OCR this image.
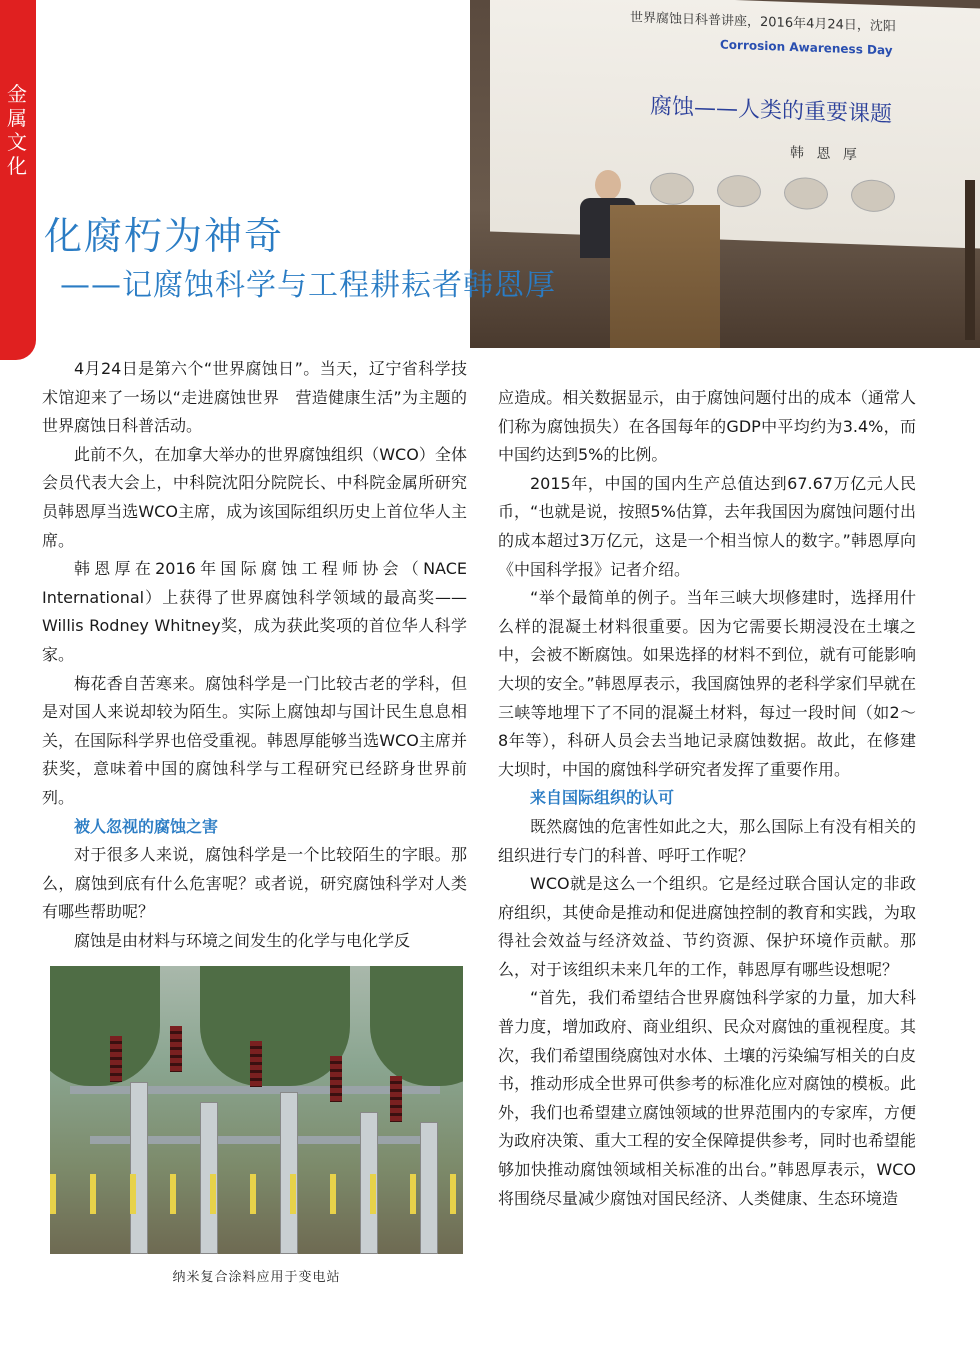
金属文化
世界腐蚀日科普讲座，2016年4月24日，沈阳
Corrosion Awareness Day
腐蚀——人类的重要课题
韩 恩 厚

化腐朽为神奇
——记腐蚀科学与工程耕耘者韩恩厚

4月24日是第六个“世界腐蚀日”。当天，辽宁省科学技术馆迎来了一场以“走进腐蚀世界　营造健康生活”为主题的世界腐蚀日科普活动。

此前不久，在加拿大举办的世界腐蚀组织（WCO）全体会员代表大会上，中科院沈阳分院院长、中科院金属所研究员韩恩厚当选WCO主席，成为该国际组织历史上首位华人主席。

韩恩厚在2016年国际腐蚀工程师协会（NACE International）上获得了世界腐蚀科学领域的最高奖——Willis Rodney Whitney奖，成为获此奖项的首位华人科学家。

梅花香自苦寒来。腐蚀科学是一门比较古老的学科，但是对国人来说却较为陌生。实际上腐蚀却与国计民生息息相关，在国际科学界也倍受重视。韩恩厚能够当选WCO主席并获奖，意味着中国的腐蚀科学与工程研究已经跻身世界前列。

被人忽视的腐蚀之害

对于很多人来说，腐蚀科学是一个比较陌生的字眼。那么，腐蚀到底有什么危害呢？或者说，研究腐蚀科学对人类有哪些帮助呢？

腐蚀是由材料与环境之间发生的化学与电化学反

应造成。相关数据显示，由于腐蚀问题付出的成本（通常人们称为腐蚀损失）在各国每年的GDP中平均约为3.4%，而中国约达到5%的比例。

2015年，中国的国内生产总值达到67.67万亿元人民币，“也就是说，按照5%估算，去年我国因为腐蚀问题付出的成本超过3万亿元，这是一个相当惊人的数字。”韩恩厚向《中国科学报》记者介绍。

“举个最简单的例子。当年三峡大坝修建时，选择用什么样的混凝土材料很重要。因为它需要长期浸没在土壤之中，会被不断腐蚀。如果选择的材料不到位，就有可能影响大坝的安全。”韩恩厚表示，我国腐蚀界的老科学家们早就在三峡等地埋下了不同的混凝土材料，每过一段时间（如2～8年等），科研人员会去当地记录腐蚀数据。故此，在修建大坝时，中国的腐蚀科学研究者发挥了重要作用。

来自国际组织的认可

既然腐蚀的危害性如此之大，那么国际上有没有相关的组织进行专门的科普、呼吁工作呢？

WCO就是这么一个组织。它是经过联合国认定的非政府组织，其使命是推动和促进腐蚀控制的教育和实践，为取得社会效益与经济效益、节约资源、保护环境作贡献。那么，对于该组织未来几年的工作，韩恩厚有哪些设想呢？

“首先，我们希望结合世界腐蚀科学家的力量，加大科普力度，增加政府、商业组织、民众对腐蚀的重视程度。其次，我们希望围绕腐蚀对水体、土壤的污染编写相关的白皮书，推动形成全世界可供参考的标准化应对腐蚀的模板。此外，我们也希望建立腐蚀领域的世界范围内的专家库，方便为政府决策、重大工程的安全保障提供参考，同时也希望能够加快推动腐蚀领域相关标准的出台。”韩恩厚表示，WCO将围绕尽量减少腐蚀对国民经济、人类健康、生态环境造

纳米复合涂料应用于变电站
